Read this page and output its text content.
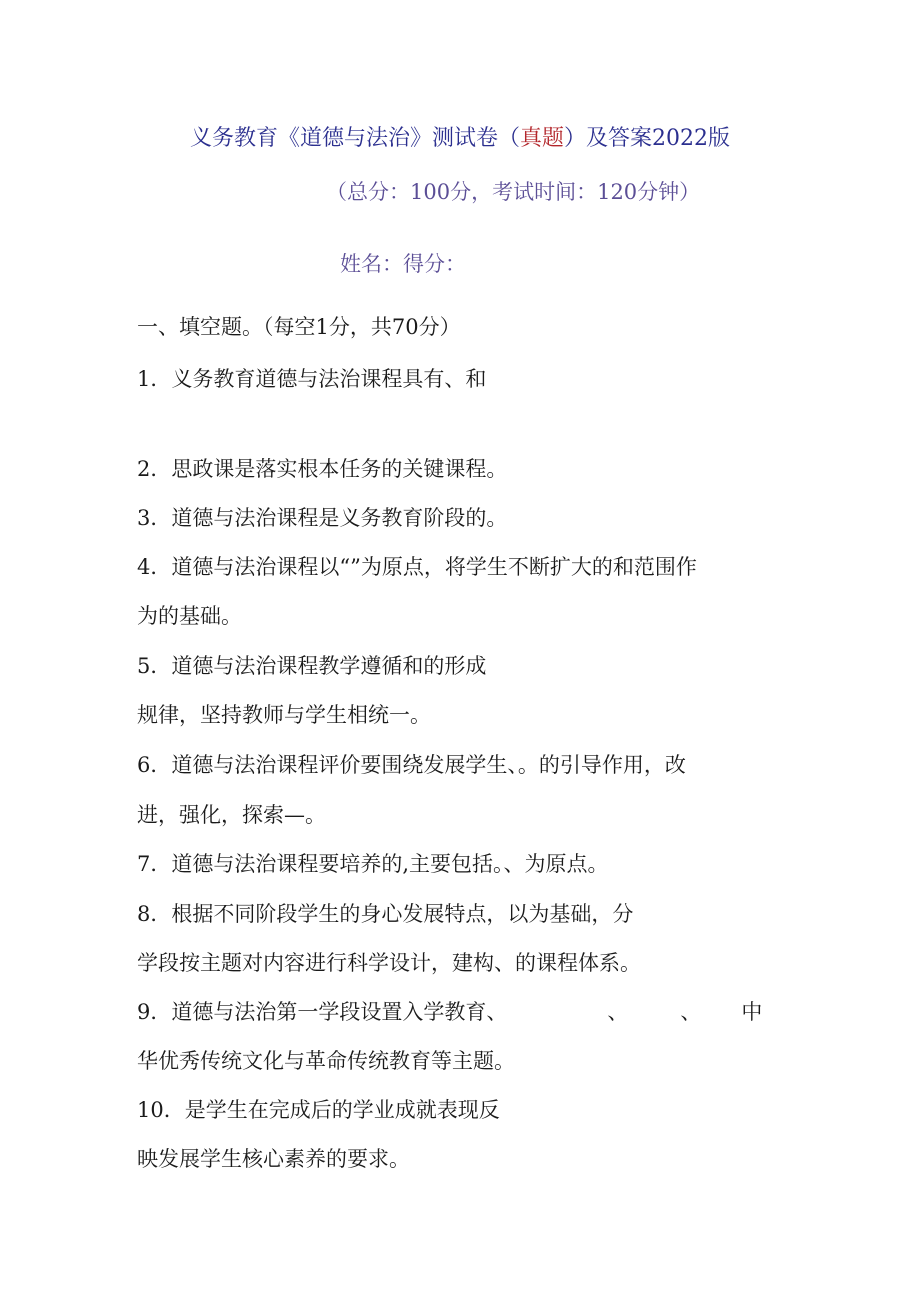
义务教育《道德与法治》测试卷（真题）及答案2022版
（总分：100分，考试时间：120分钟）
姓名：得分：
一、填空题。（每空1分，共70分）
1．义务教育道德与法治课程具有、和
2．思政课是落实根本任务的关键课程。
3．道德与法治课程是义务教育阶段的。
4．道德与法治课程以“”为原点，将学生不断扩大的和范围作
为的基础。
5．道德与法治课程教学遵循和的形成
规律，坚持教师与学生相统一。
6．道德与法治课程评价要围绕发展学生、。的引导作用，改
进，强化，探索—。
7．道德与法治课程要培养的,主要包括。、为原点。
8．根据不同阶段学生的身心发展特点，以为基础，分
学段按主题对内容进行科学设计，建构、的课程体系。
9．道德与法治第一学段设置入学教育、	、 、 中
华优秀传统文化与革命传统教育等主题。
10．是学生在完成后的学业成就表现反
映发展学生核心素养的要求。
